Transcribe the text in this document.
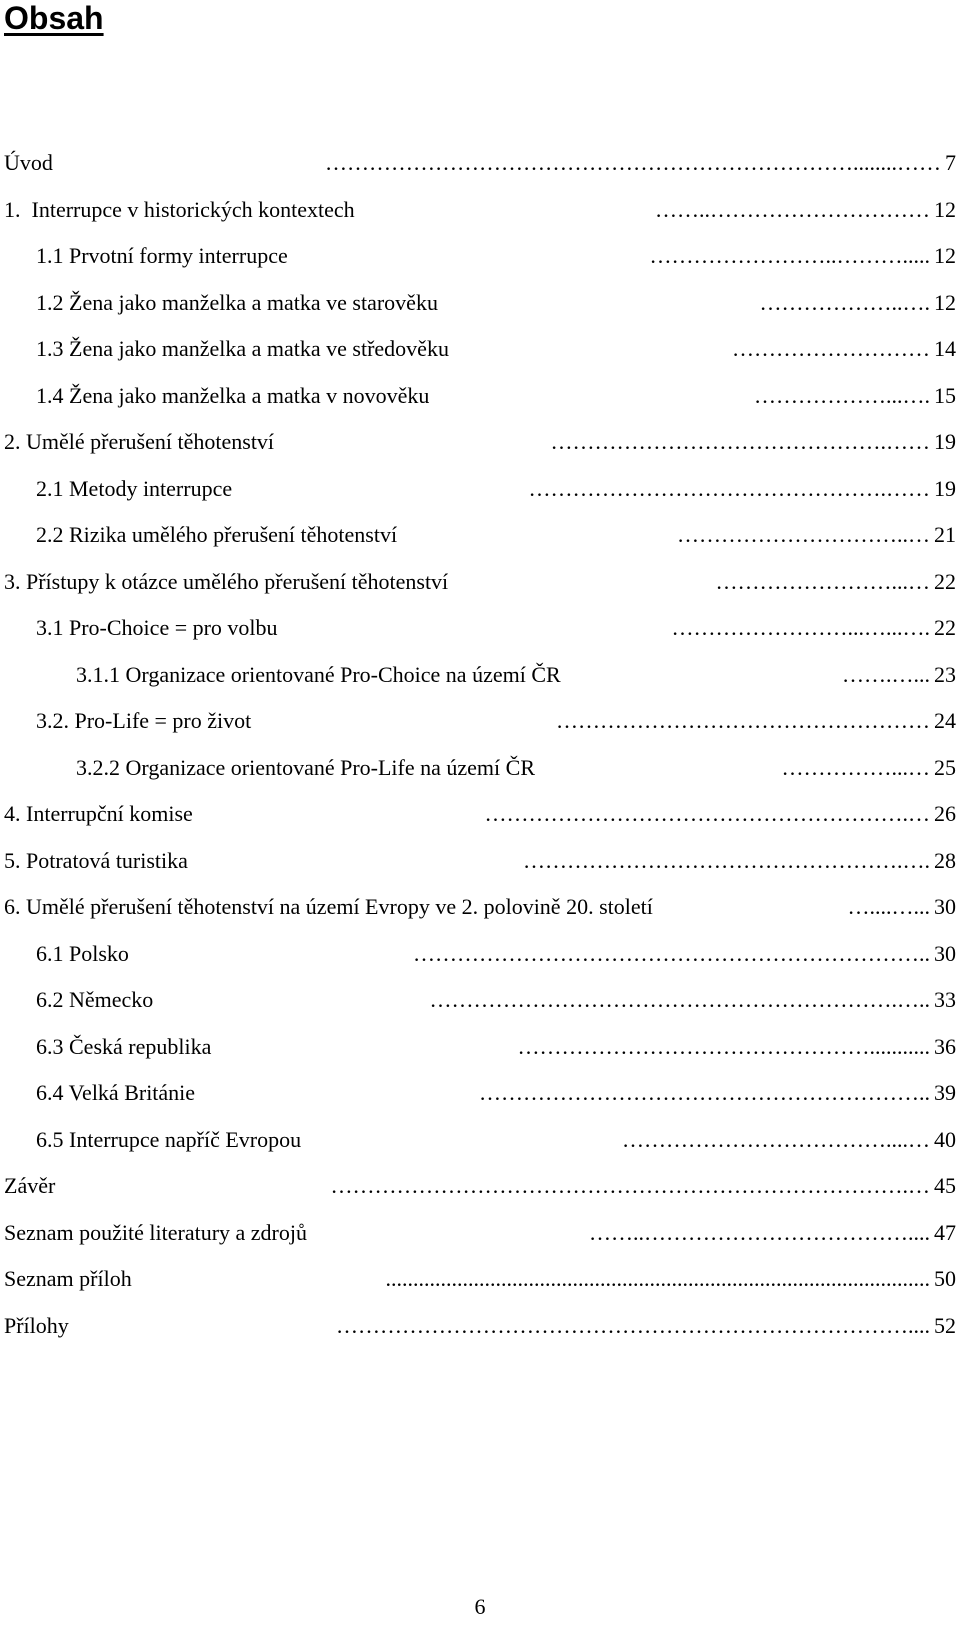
Obsah
Úvod	………………………………………………………………........…… 7
1.  Interrupce v historických kontextech	……..………………………… 12
1.1 Prvotní formy interrupce	……………………..………..... 12
1.2 Žena jako manželka a matka ve starověku	………………..…. 12
1.3 Žena jako manželka a matka ve středověku	……………………… 14
1.4 Žena jako manželka a matka v novověku	………………...…. 15
2. Umělé přerušení těhotenství	……………………………………….…… 19
2.1 Metody interrupce	………………………………………….…… 19
2.2 Rizika umělého přerušení těhotenství	…………………………..… 21
3. Přístupy k otázce umělého přerušení těhotenství	……………………...… 22
3.1 Pro-Choice = pro volbu	……………………...…...…. 22
3.1.1 Organizace orientované Pro-Choice na území ČR	…….…... 23
3.2. Pro-Life = pro život	…………………………………………… 24
3.2.2 Organizace orientované Pro-Life na území ČR	……………...… 25
4. Interrupční komise	………………………………………………….… 26
5. Potratová turistika	…………………………………………….…. 28
6. Umělé přerušení těhotenství na území Evropy ve 2. polovině 20. století	…....…... 30
6.1 Polsko	…………………………………………………………….. 30
6.2 Německo	……………………………………………………….….. 33
6.3 Česká republika	…………………………………………........... 36
6.4 Velká Británie	…………………………………………………….. 39
6.5 Interrupce napříč Evropou	………………………………....… 40
Závěr	…………………………………………………………………….… 45
Seznam použité literatury a zdrojů	……..……………………………….... 47
Seznam příloh	................................................................................................... 50
Přílohy	…………………………………………………………………….... 52
6
